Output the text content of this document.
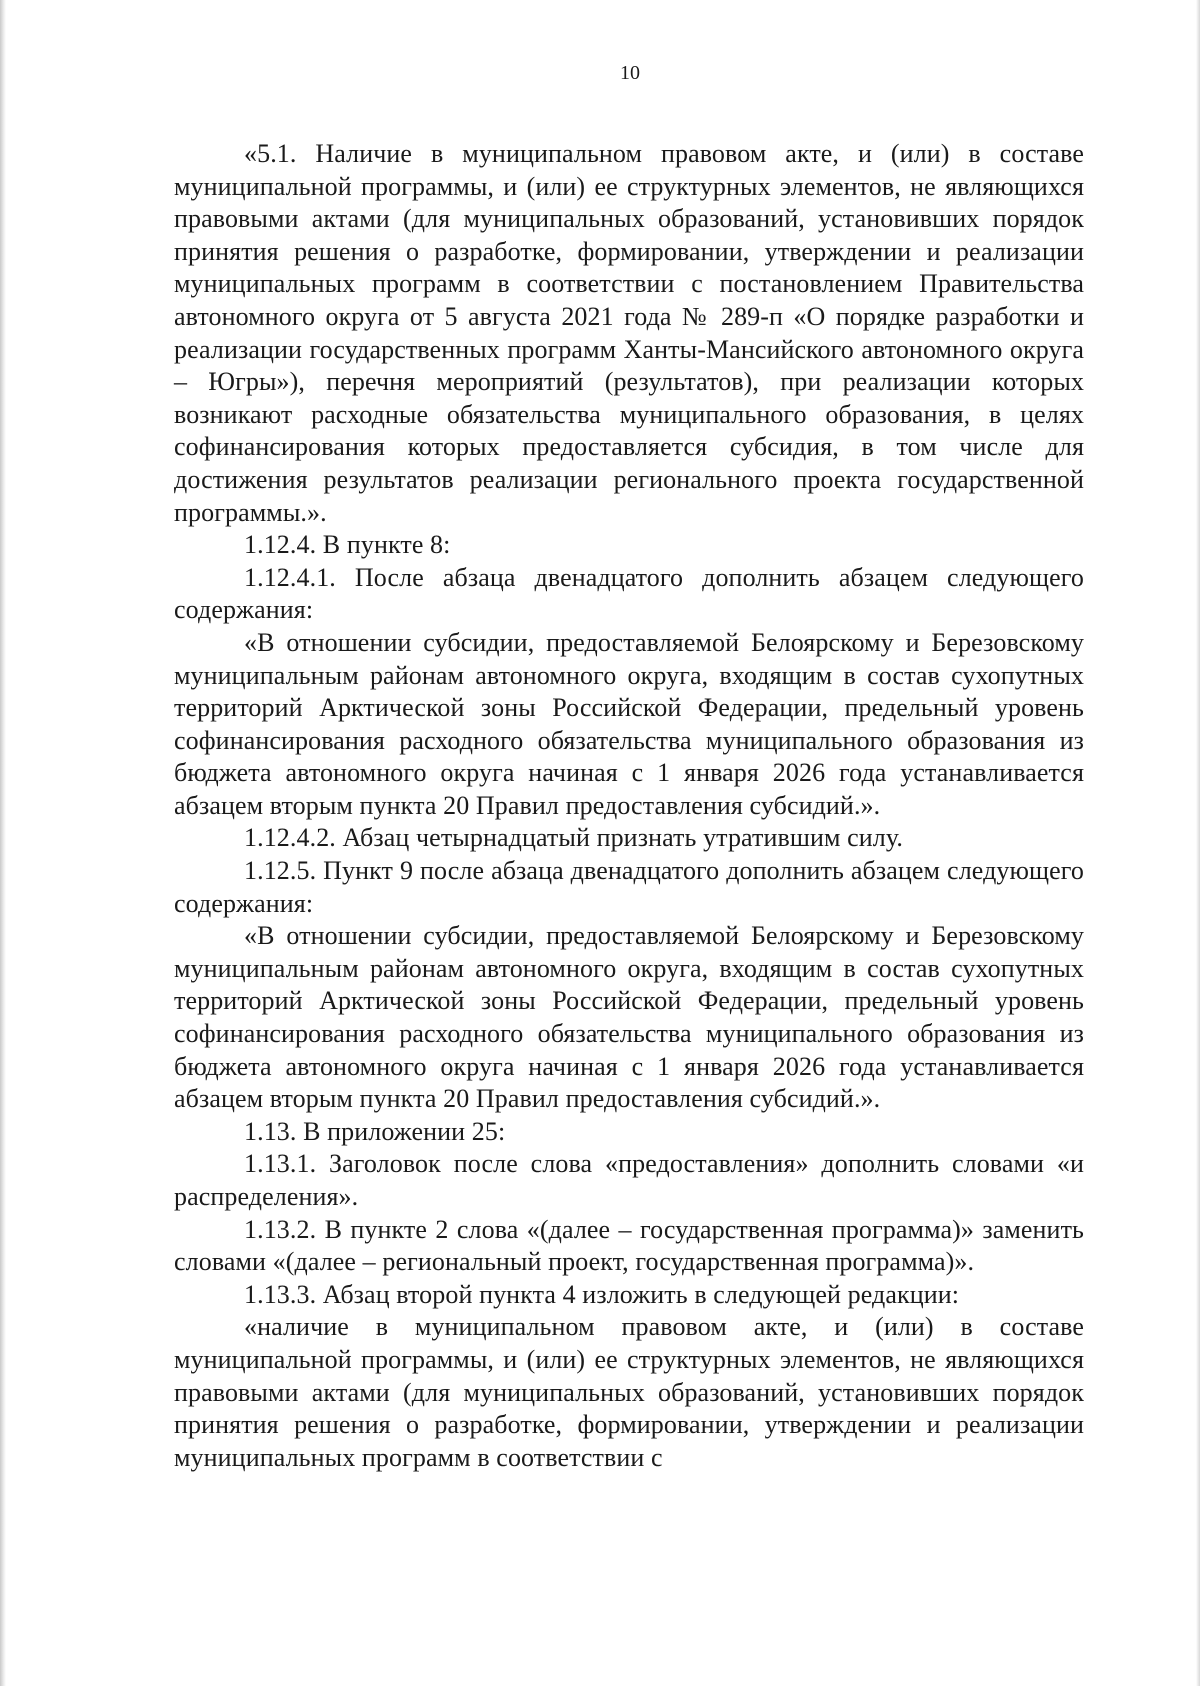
10

«5.1. Наличие в муниципальном правовом акте, и (или) в составе муниципальной программы, и (или) ее структурных элементов, не являющихся правовыми актами (для муниципальных образований, установивших порядок принятия решения о разработке, формировании, утверждении и реализации муниципальных программ в соответствии с постановлением Правительства автономного округа от 5 августа 2021 года № 289-п «О порядке разработки и реализации государственных программ Ханты-Мансийского автономного округа – Югры»), перечня мероприятий (результатов), при реализации которых возникают расходные обязательства муниципального образования, в целях софинансирования которых предоставляется субсидия, в том числе для достижения результатов реализации регионального проекта государственной программы.».

1.12.4. В пункте 8:

1.12.4.1. После абзаца двенадцатого дополнить абзацем следующего содержания:

«В отношении субсидии, предоставляемой Белоярскому и Березовскому муниципальным районам автономного округа, входящим в состав сухопутных территорий Арктической зоны Российской Федерации, предельный уровень софинансирования расходного обязательства муниципального образования из бюджета автономного округа начиная с 1 января 2026 года устанавливается абзацем вторым пункта 20 Правил предоставления субсидий.».

1.12.4.2. Абзац четырнадцатый признать утратившим силу.

1.12.5. Пункт 9 после абзаца двенадцатого дополнить абзацем следующего содержания:

«В отношении субсидии, предоставляемой Белоярскому и Березовскому муниципальным районам автономного округа, входящим в состав сухопутных территорий Арктической зоны Российской Федерации, предельный уровень софинансирования расходного обязательства муниципального образования из бюджета автономного округа начиная с 1 января 2026 года устанавливается абзацем вторым пункта 20 Правил предоставления субсидий.».

1.13. В приложении 25:

1.13.1. Заголовок после слова «предоставления» дополнить словами «и распределения».

1.13.2. В пункте 2 слова «(далее – государственная программа)» заменить словами «(далее – региональный проект, государственная программа)».

1.13.3. Абзац второй пункта 4 изложить в следующей редакции:

«наличие в муниципальном правовом акте, и (или) в составе муниципальной программы, и (или) ее структурных элементов, не являющихся правовыми актами (для муниципальных образований, установивших порядок принятия решения о разработке, формировании, утверждении и реализации муниципальных программ в соответствии с
